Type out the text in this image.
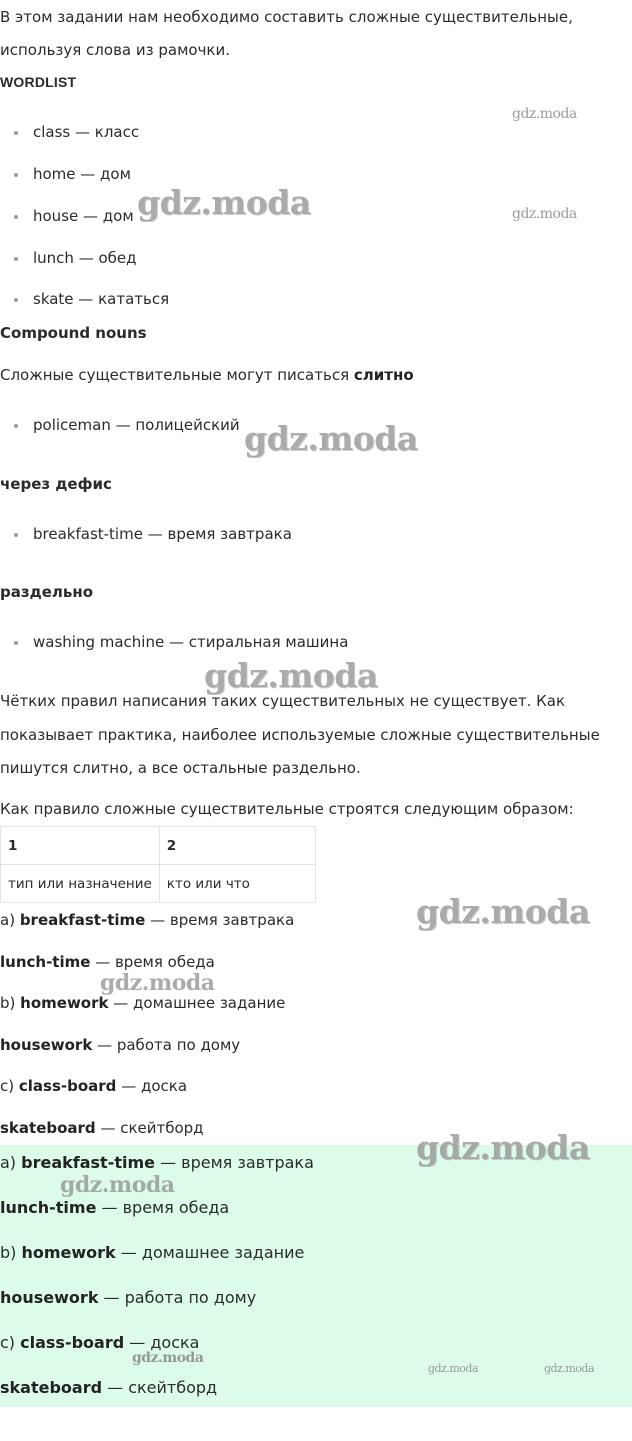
В этом задании нам необходимо составить сложные существительные,
используя слова из рамочки.
WORDLIST
class — класс
home — дом
house — дом
lunch — обед
skate — кататься
Compound nouns
Сложные существительные могут писаться слитно
policeman — полицейский
через дефис
breakfast-time — время завтрака
раздельно
washing machine — стиральная машина
Чётких правил написания таких существительных не существует. Как
показывает практика, наиболее используемые сложные существительные
пишутся слитно, а все остальные раздельно.
Как правило сложные существительные строятся следующим образом:
1	2
тип или назначение	кто или что
a) breakfast-time — время завтрака
lunch-time — время обеда
b) homework — домашнее задание
housework — работа по дому
c) class-board — доска
skateboard — скейтборд
a) breakfast-time — время завтрака
lunch-time — время обеда
b) homework — домашнее задание
housework — работа по дому
c) class-board — доска
skateboard — скейтборд
gdz.moda
gdz.moda	gdz.moda
gdz.moda
gdz.moda
gdz.moda
gdz.moda
gdz.moda
gdz.moda
gdz.moda
gdz.moda	gdz.moda
